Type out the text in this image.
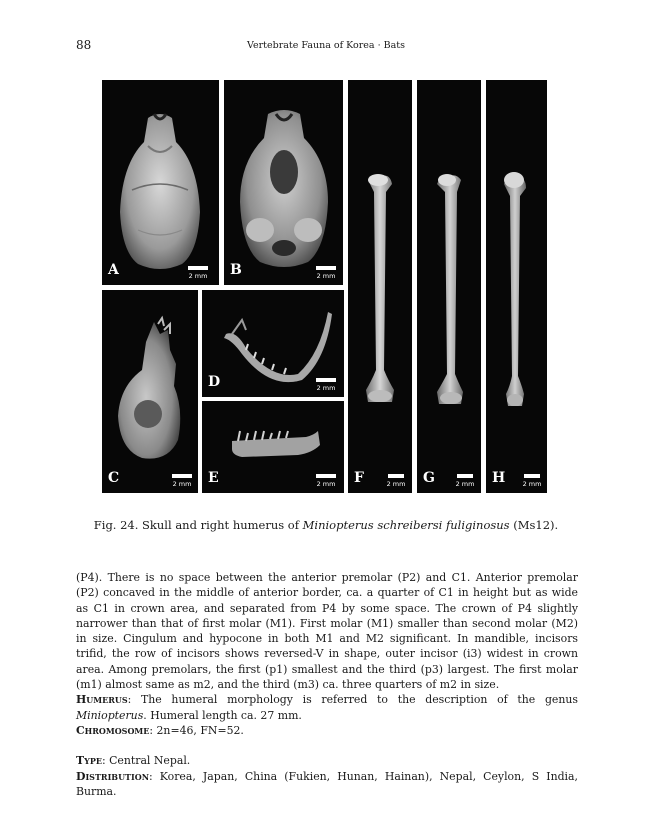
88	Vertebrate Fauna of Korea · Bats
A	2 mm	B	2 mm
C	2 mm
D	2 mm
E	2 mm	F	2 mm	G	2 mm	H	2 mm
Fig. 24. Skull and right humerus of Miniopterus schreibersi fuliginosus (Ms12).

(P4). There is no space between the anterior premolar (P2) and C1. Anterior premolar (P2) concaved in the middle of anterior border, ca. a quarter of C1 in height but as wide as C1 in crown area, and separated from P4 by some space. The crown of P4 slightly narrower than that of first molar (M1). First molar (M1) smaller than second molar (M2) in size. Cingulum and hypocone in both M1 and M2 significant. In mandible, incisors trifid, the row of incisors shows reversed-V in shape, outer incisor (i3) widest in crown area. Among premolars, the first (p1) smallest and the third (p3) largest. The first molar (m1) almost same as m2, and the third (m3) ca. three quarters of m2 in size.

Humerus: The humeral morphology is referred to the description of the genus Miniopterus. Humeral length ca. 27 mm.

Chromosome: 2n=46, FN=52.

Type: Central Nepal.

Distribution: Korea, Japan, China (Fukien, Hunan, Hainan), Nepal, Ceylon, S India, Burma.
